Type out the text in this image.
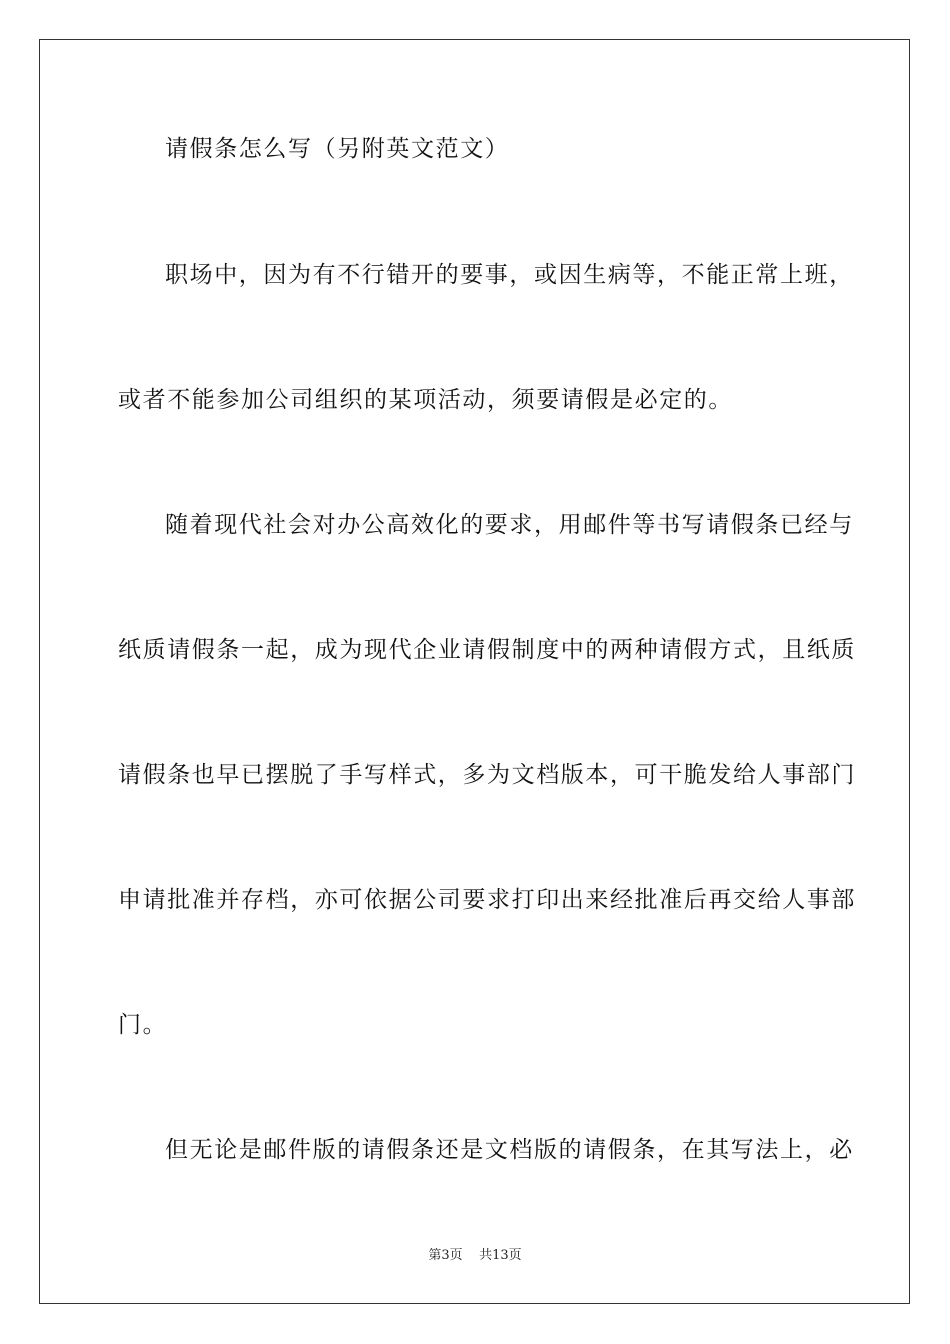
请假条怎么写（另附英文范文）
职场中，因为有不行错开的要事，或因生病等，不能正常上班，
或者不能参加公司组织的某项活动，须要请假是必定的。
随着现代社会对办公高效化的要求，用邮件等书写请假条已经与
纸质请假条一起，成为现代企业请假制度中的两种请假方式，且纸质
请假条也早已摆脱了手写样式，多为文档版本，可干脆发给人事部门
申请批准并存档，亦可依据公司要求打印出来经批准后再交给人事部
门。
但无论是邮件版的请假条还是文档版的请假条，在其写法上，必
第3页 共13页
